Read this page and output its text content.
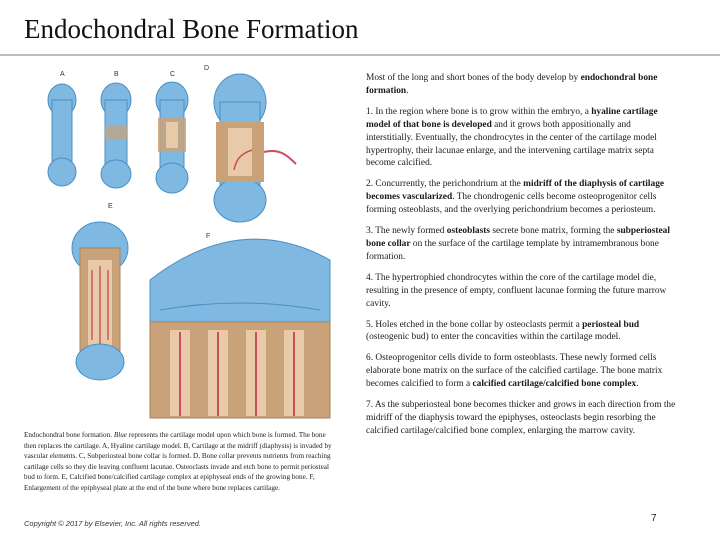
Endochondral Bone Formation
A	B	C
D
E
F
Endochondral bone formation. Blue represents the cartilage model upon which bone is formed. The bone then replaces the cartilage. A, Hyaline cartilage model. B, Cartilage at the midriff (diaphysis) is invaded by vascular elements. C, Subperiosteal bone collar is formed. D, Bone collar prevents nutrients from reaching cartilage cells so they die leaving confluent lacunae. Osteoclasts invade and etch bone to permit periosteal bud to form. E, Calcified bone/calcified cartilage complex at epiphyseal ends of the growing bone. F, Enlargement of the epiphyseal plate at the end of the bone where bone replaces cartilage.
Copyright © 2017 by Elsevier, Inc. All rights reserved.

Most of the long and short bones of the body develop by endochondral bone formation.

1. In the region where bone is to grow within the embryo, a hyaline cartilage model of that bone is developed and it grows both appositionally and interstitially. Eventually, the chondrocytes in the center of the cartilage model hypertrophy, their lacunae enlarge, and the intervening cartilage matrix septa become calcified.

2. Concurrently, the perichondrium at the midriff of the diaphysis of cartilage becomes vascularized. The chondrogenic cells become osteoprogenitor cells forming osteoblasts, and the overlying perichondrium becomes a periosteum.

3. The newly formed osteoblasts secrete bone matrix, forming the subperiosteal bone collar on the surface of the cartilage template by intramembranous bone formation.

4. The hypertrophied chondrocytes within the core of the cartilage model die, resulting in the presence of empty, confluent lacunae forming the future marrow cavity.

5. Holes etched in the bone collar by osteoclasts permit a periosteal bud (osteogenic bud) to enter the concavities within the cartilage model.

6. Osteoprogenitor cells divide to form osteoblasts. These newly formed cells elaborate bone matrix on the surface of the calcified cartilage. The bone matrix becomes calcified to form a calcified cartilage/calcified bone complex.

7. As the subperiosteal bone becomes thicker and grows in each direction from the midriff of the diaphysis toward the epiphyses, osteoclasts begin resorbing the calcified cartilage/calcified bone complex, enlarging the marrow cavity.

7
